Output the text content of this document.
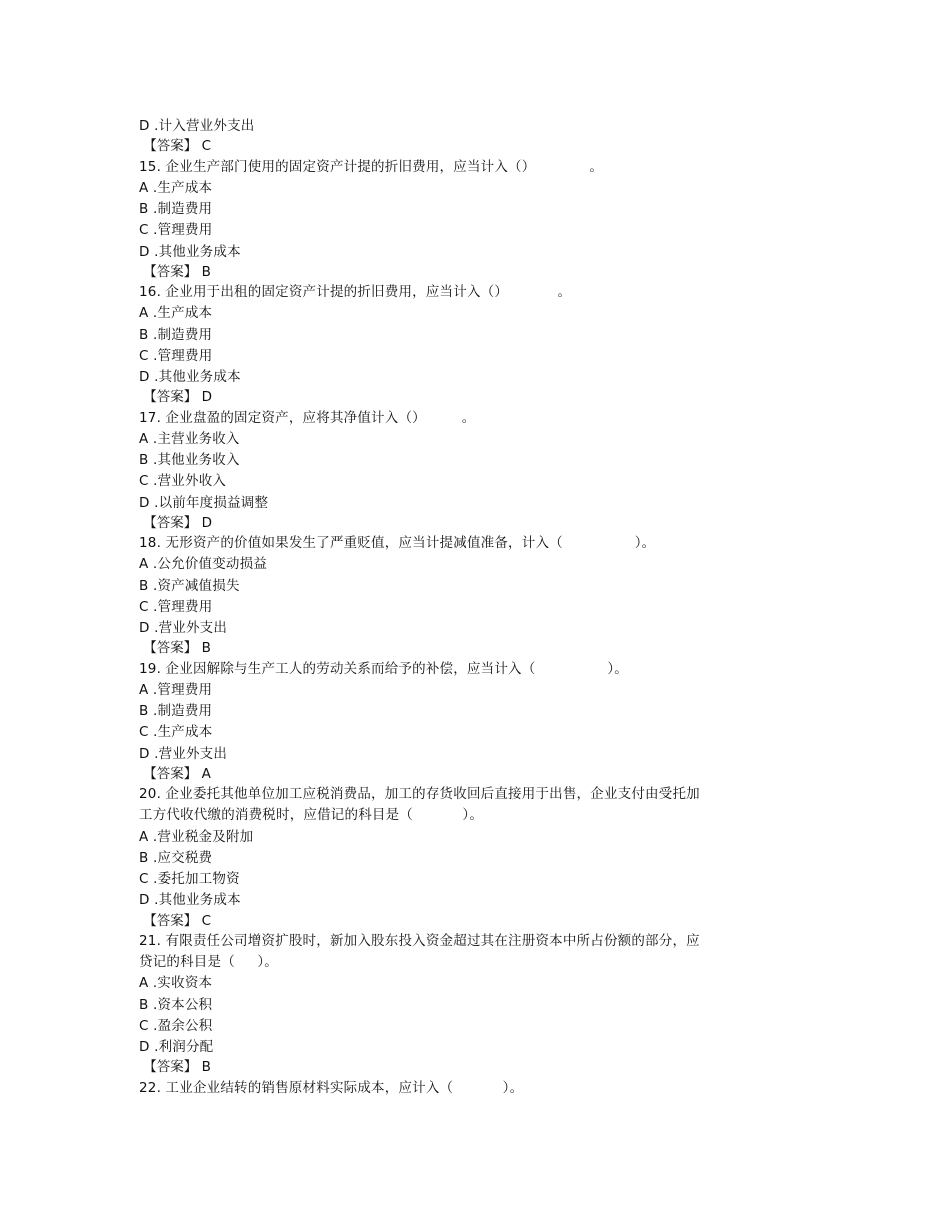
D .计入营业外支出
【答案】 C
15. 企业生产部门使用的固定资产计提的折旧费用，应当计入（）            。
A .生产成本
B .制造费用
C .管理费用
D .其他业务成本
【答案】 B
16. 企业用于出租的固定资产计提的折旧费用，应当计入（）           。
A .生产成本
B .制造费用
C .管理费用
D .其他业务成本
【答案】 D
17. 企业盘盈的固定资产，应将其净值计入（）        。
A .主营业务收入
B .其他业务收入
C .营业外收入
D .以前年度损益调整
【答案】 D
18. 无形资产的价值如果发生了严重贬值，应当计提减值准备，计入（                ）。
A .公允价值变动损益
B .资产减值损失
C .管理费用
D .营业外支出
【答案】 B
19. 企业因解除与生产工人的劳动关系而给予的补偿，应当计入（                ）。
A .管理费用
B .制造费用
C .生产成本
D .营业外支出
【答案】 A
20. 企业委托其他单位加工应税消费品，加工的存货收回后直接用于出售，企业支付由受托加
工方代收代缴的消费税时，应借记的科目是（           ）。
A .营业税金及附加
B .应交税费
C .委托加工物资
D .其他业务成本
【答案】 C
21. 有限责任公司增资扩股时，新加入股东投入资金超过其在注册资本中所占份额的部分，应
贷记的科目是（     ）。
A .实收资本
B .资本公积
C .盈余公积
D .利润分配
【答案】 B
22. 工业企业结转的销售原材料实际成本，应计入（           ）。
